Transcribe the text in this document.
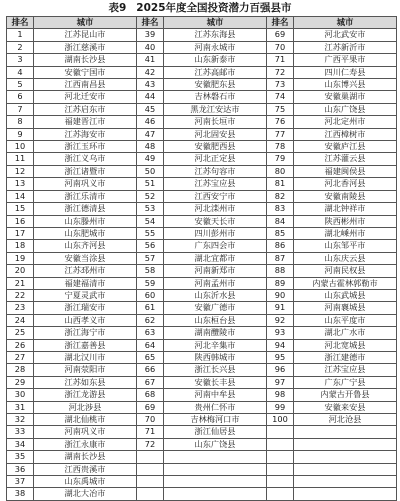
表9 2025年度全国投资潜力百强县市
排名	城市	排名	城市	排名	城市
1	江苏昆山市	39	江苏东海县	69	河北武安市
2	浙江慈溪市	40	河南永城市	70	江苏新沂市
3	湖南长沙县	41	山东新泰市	71	广西平果市
4	安徽宁国市	42	江苏高邮市	72	四川仁寿县
5	江西南昌县	43	安徽肥东县	73	山东博兴县
6	河北迁安市	44	吉林磐石市	74	安徽巢湖市
7	江苏启东市	45	黑龙江安达市	75	山东广饶县
8	福建晋江市	46	河南长垣市	76	河北定州市
9	江苏海安市	47	河北固安县	77	江西樟树市
10	浙江玉环市	48	安徽肥西县	78	安徽庐江县
11	浙江义乌市	49	河北正定县	79	江苏灌云县
12	浙江诸暨市	50	江苏句容市	80	福建闽侯县
13	河南巩义市	51	江苏宝应县	81	河北香河县
14	浙江乐清市	52	江西安宁市	82	安徽南陵县
15	浙江德清县	53	河北滦州市	83	湖北钟祥市
16	山东滕州市	54	安徽天长市	84	陕西彬州市
17	山东肥城市	55	四川彭州市	85	湖北嵊州市
18	山东齐河县	56	广东四会市	86	山东邹平市
19	安徽当涂县	57	湖北宜都市	87	山东庆云县
20	江苏邳州市	58	河南新郑市	88	河南民权县
21	福建福清市	59	河南孟州市	89	内蒙古霍林郭勒市
22	宁夏灵武市	60	山东沂水县	90	山东武城县
23	浙江瑞安市	61	安徽广德市	91	河南襄城县
24	山西孝义市	62	山东桓台县	92	山东平度市
25	浙江海宁市	63	湖南醴陵市	93	湖北广水市
26	浙江嘉善县	64	河北辛集市	94	河北宽城县
27	湖北汉川市	65	陕西韩城市	95	浙江建德市
28	河南荥阳市	66	浙江长兴县	96	江苏宝应县
29	江苏如东县	67	安徽长丰县	97	广东广宁县
30	浙江龙游县	68	河南中牟县	98	内蒙古开鲁县
31	河北涉县	69	贵州仁怀市	99	安徽来安县
32	湖北仙桃市	70	吉林梅河口市	100	河北沧县
33	河南巩义市	71	浙江仙居县		
34	浙江永康市	72	山东广饶县		
35	湖南长沙县				
36	江西贵溪市				
37	山东禹城市				
38	湖北大冶市				
